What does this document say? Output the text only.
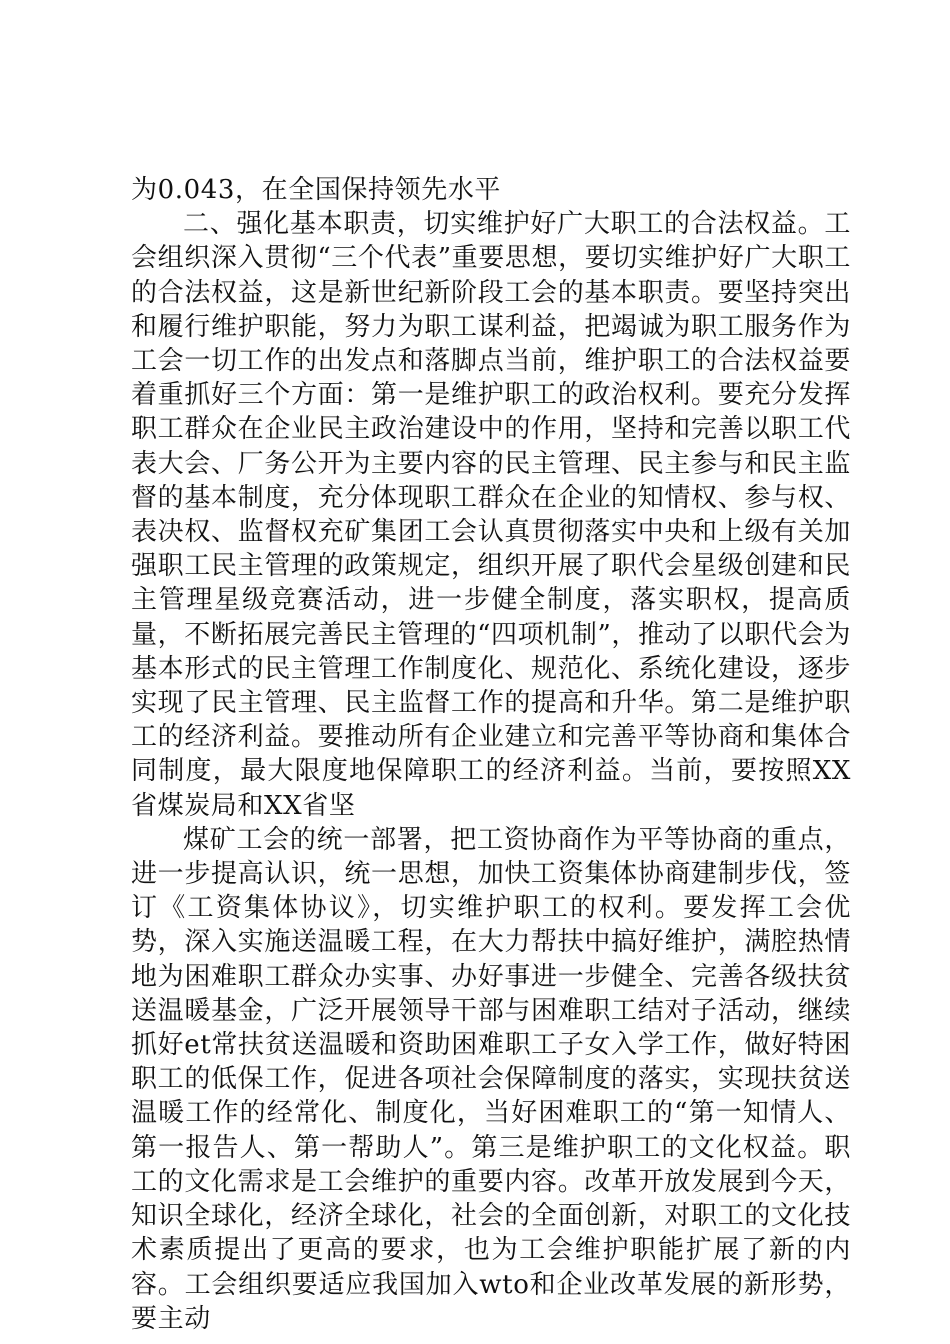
为0.043，在全国保持领先水平

二、强化基本职责，切实维护好广大职工的合法权益。工会组织深入贯彻“三个代表”重要思想，要切实维护好广大职工的合法权益，这是新世纪新阶段工会的基本职责。要坚持突出和履行维护职能，努力为职工谋利益，把竭诚为职工服务作为工会一切工作的出发点和落脚点当前，维护职工的合法权益要着重抓好三个方面：第一是维护职工的政治权利。要充分发挥职工群众在企业民主政治建设中的作用，坚持和完善以职工代表大会、厂务公开为主要内容的民主管理、民主参与和民主监督的基本制度，充分体现职工群众在企业的知情权、参与权、表决权、监督权充矿集团工会认真贯彻落实中央和上级有关加强职工民主管理的政策规定，组织开展了职代会星级创建和民主管理星级竞赛活动，进一步健全制度，落实职权，提高质量，不断拓展完善民主管理的“四项机制”，推动了以职代会为基本形式的民主管理工作制度化、规范化、系统化建设，逐步实现了民主管理、民主监督工作的提高和升华。第二是维护职工的经济利益。要推动所有企业建立和完善平等协商和集体合同制度，最大限度地保障职工的经济利益。当前，要按照XX省煤炭局和XX省坚

煤矿工会的统一部署，把工资协商作为平等协商的重点，进一步提高认识，统一思想，加快工资集体协商建制步伐，签订《工资集体协议》，切实维护职工的权利。要发挥工会优势，深入实施送温暖工程，在大力帮扶中搞好维护，满腔热情地为困难职工群众办实事、办好事进一步健全、完善各级扶贫送温暖基金，广泛开展领导干部与困难职工结对子活动，继续抓好et常扶贫送温暖和资助困难职工子女入学工作，做好特困职工的低保工作，促进各项社会保障制度的落实，实现扶贫送温暖工作的经常化、制度化，当好困难职工的“第一知情人、第一报告人、第一帮助人”。第三是维护职工的文化权益。职工的文化需求是工会维护的重要内容。改革开放发展到今天，知识全球化，经济全球化，社会的全面创新，对职工的文化技术素质提出了更高的要求，也为工会维护职能扩展了新的内容。工会组织要适应我国加入wto和企业改革发展的新形势，要主动
